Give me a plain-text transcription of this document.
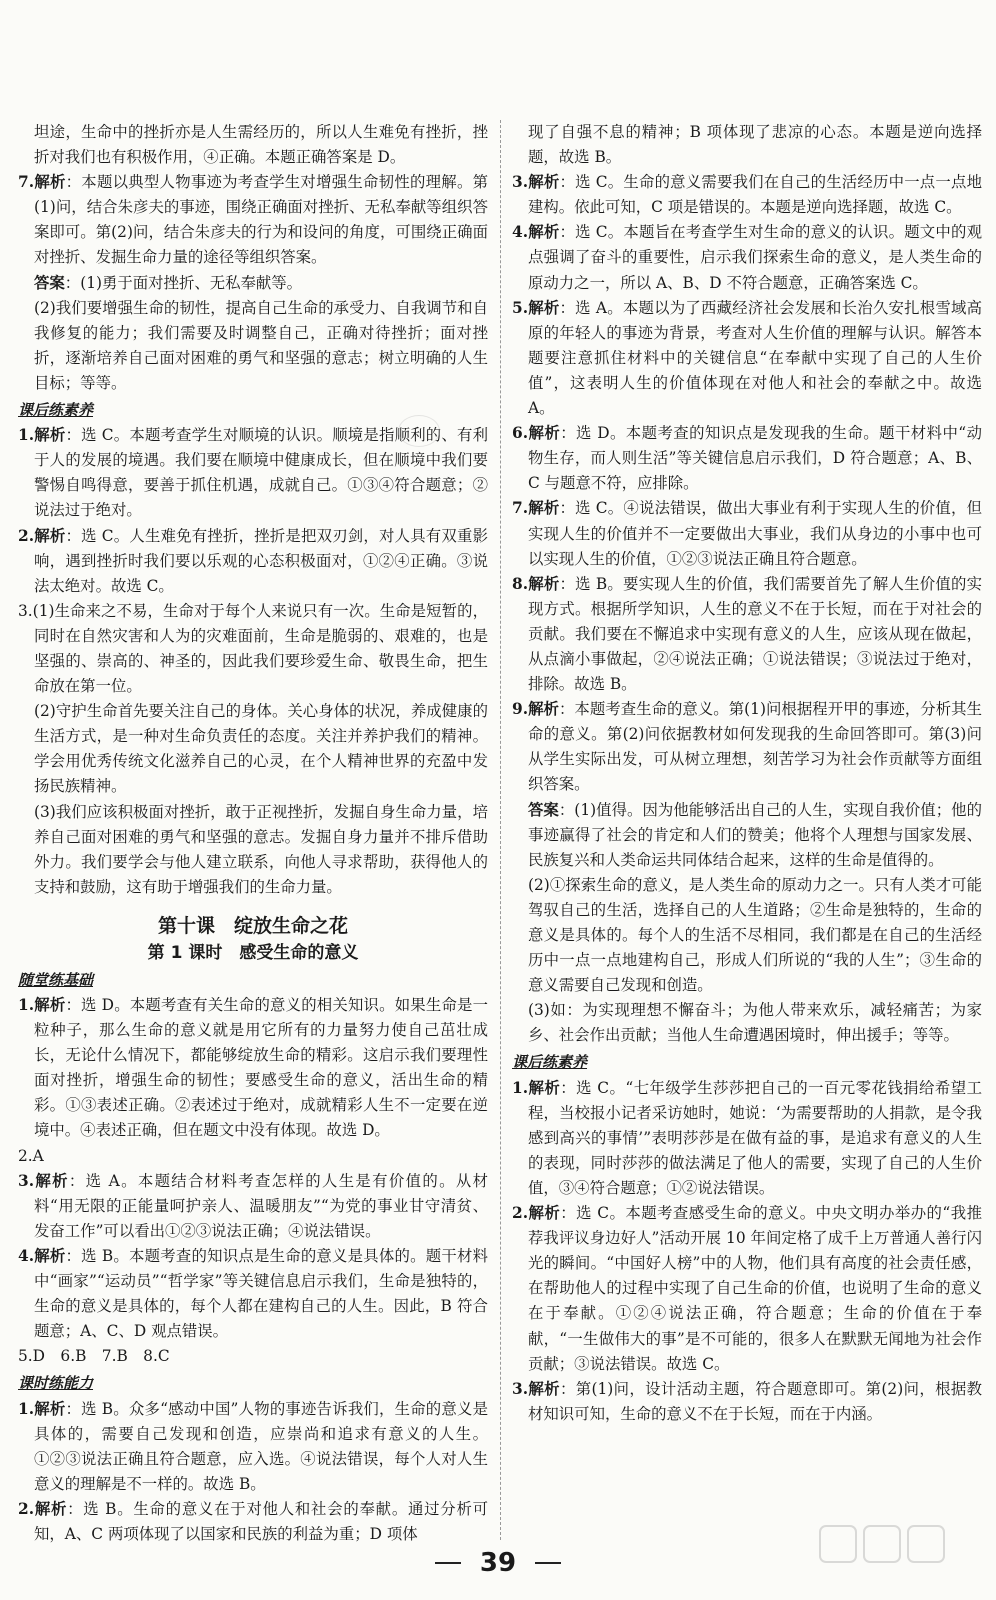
坦途，生命中的挫折亦是人生需经历的，所以人生难免有挫折，挫折对我们也有积极作用，④正确。本题正确答案是 D。

7.解析：本题以典型人物事迹为考查学生对增强生命韧性的理解。第(1)问，结合朱彦夫的事迹，围绕正确面对挫折、无私奉献等组织答案即可。第(2)问，结合朱彦夫的行为和设问的角度，可围绕正确面对挫折、发掘生命力量的途径等组织答案。

答案：(1)勇于面对挫折、无私奉献等。

(2)我们要增强生命的韧性，提高自己生命的承受力、自我调节和自我修复的能力；我们需要及时调整自己，正确对待挫折；面对挫折，逐渐培养自己面对困难的勇气和坚强的意志；树立明确的人生目标；等等。

课后练素养

1.解析：选 C。本题考查学生对顺境的认识。顺境是指顺利的、有利于人的发展的境遇。我们要在顺境中健康成长，但在顺境中我们要警惕自鸣得意，要善于抓住机遇，成就自己。①③④符合题意；②说法过于绝对。

2.解析：选 C。人生难免有挫折，挫折是把双刃剑，对人具有双重影响，遇到挫折时我们要以乐观的心态积极面对，①②④正确。③说法太绝对。故选 C。

3.(1)生命来之不易，生命对于每个人来说只有一次。生命是短暂的，同时在自然灾害和人为的灾难面前，生命是脆弱的、艰难的，也是坚强的、崇高的、神圣的，因此我们要珍爱生命、敬畏生命，把生命放在第一位。

(2)守护生命首先要关注自己的身体。关心身体的状况，养成健康的生活方式，是一种对生命负责任的态度。关注并养护我们的精神。学会用优秀传统文化滋养自己的心灵，在个人精神世界的充盈中发扬民族精神。

(3)我们应该积极面对挫折，敢于正视挫折，发掘自身生命力量，培养自己面对困难的勇气和坚强的意志。发掘自身力量并不排斥借助外力。我们要学会与他人建立联系，向他人寻求帮助，获得他人的支持和鼓励，这有助于增强我们的生命力量。

第十课　绽放生命之花

第 1 课时　感受生命的意义

随堂练基础

1.解析：选 D。本题考查有关生命的意义的相关知识。如果生命是一粒种子，那么生命的意义就是用它所有的力量努力使自己茁壮成长，无论什么情况下，都能够绽放生命的精彩。这启示我们要理性面对挫折，增强生命的韧性；要感受生命的意义，活出生命的精彩。①③表述正确。②表述过于绝对，成就精彩人生不一定要在逆境中。④表述正确，但在题文中没有体现。故选 D。

2.A

3.解析：选 A。本题结合材料考查怎样的人生是有价值的。从材料“用无限的正能量呵护亲人、温暖朋友”“为党的事业甘守清贫、发奋工作”可以看出①②③说法正确；④说法错误。

4.解析：选 B。本题考查的知识点是生命的意义是具体的。题干材料中“画家”“运动员”“哲学家”等关键信息启示我们，生命是独特的，生命的意义是具体的，每个人都在建构自己的人生。因此，B 符合题意；A、C、D 观点错误。

5.D　6.B　7.B　8.C

课时练能力

1.解析：选 B。众多“感动中国”人物的事迹告诉我们，生命的意义是具体的，需要自己发现和创造，应崇尚和追求有意义的人生。①②③说法正确且符合题意，应入选。④说法错误，每个人对人生意义的理解是不一样的。故选 B。

2.解析：选 B。生命的意义在于对他人和社会的奉献。通过分析可知，A、C 两项体现了以国家和民族的利益为重；D 项体

现了自强不息的精神；B 项体现了悲凉的心态。本题是逆向选择题，故选 B。

3.解析：选 C。生命的意义需要我们在自己的生活经历中一点一点地建构。依此可知，C 项是错误的。本题是逆向选择题，故选 C。

4.解析：选 C。本题旨在考查学生对生命的意义的认识。题文中的观点强调了奋斗的重要性，启示我们探索生命的意义，是人类生命的原动力之一，所以 A、B、D 不符合题意，正确答案选 C。

5.解析：选 A。本题以为了西藏经济社会发展和长治久安扎根雪域高原的年轻人的事迹为背景，考查对人生价值的理解与认识。解答本题要注意抓住材料中的关键信息“在奉献中实现了自己的人生价值”，这表明人生的价值体现在对他人和社会的奉献之中。故选 A。

6.解析：选 D。本题考查的知识点是发现我的生命。题干材料中“动物生存，而人则生活”等关键信息启示我们，D 符合题意；A、B、C 与题意不符，应排除。

7.解析：选 C。④说法错误，做出大事业有利于实现人生的价值，但实现人生的价值并不一定要做出大事业，我们从身边的小事中也可以实现人生的价值，①②③说法正确且符合题意。

8.解析：选 B。要实现人生的价值，我们需要首先了解人生价值的实现方式。根据所学知识，人生的意义不在于长短，而在于对社会的贡献。我们要在不懈追求中实现有意义的人生，应该从现在做起，从点滴小事做起，②④说法正确；①说法错误；③说法过于绝对，排除。故选 B。

9.解析：本题考查生命的意义。第(1)问根据程开甲的事迹，分析其生命的意义。第(2)问依据教材如何发现我的生命回答即可。第(3)问从学生实际出发，可从树立理想，刻苦学习为社会作贡献等方面组织答案。

答案：(1)值得。因为他能够活出自己的人生，实现自我价值；他的事迹赢得了社会的肯定和人们的赞美；他将个人理想与国家发展、民族复兴和人类命运共同体结合起来，这样的生命是值得的。

(2)①探索生命的意义，是人类生命的原动力之一。只有人类才可能驾驭自己的生活，选择自己的人生道路；②生命是独特的，生命的意义是具体的。每个人的生活不尽相同，我们都是在自己的生活经历中一点一点地建构自己，形成人们所说的“我的人生”；③生命的意义需要自己发现和创造。

(3)如：为实现理想不懈奋斗；为他人带来欢乐，减轻痛苦；为家乡、社会作出贡献；当他人生命遭遇困境时，伸出援手；等等。

课后练素养

1.解析：选 C。“七年级学生莎莎把自己的一百元零花钱捐给希望工程，当校报小记者采访她时，她说：‘为需要帮助的人捐款，是令我感到高兴的事情’”表明莎莎是在做有益的事，是追求有意义的人生的表现，同时莎莎的做法满足了他人的需要，实现了自己的人生价值，③④符合题意；①②说法错误。

2.解析：选 C。本题考查感受生命的意义。中央文明办举办的“我推荐我评议身边好人”活动开展 10 年间定格了成千上万普通人善行闪光的瞬间。“中国好人榜”中的人物，他们具有高度的社会责任感，在帮助他人的过程中实现了自己生命的价值，也说明了生命的意义在于奉献。①②④说法正确，符合题意；生命的价值在于奉献，“一生做伟大的事”是不可能的，很多人在默默无闻地为社会作贡献；③说法错误。故选 C。

3.解析：第(1)问，设计活动主题，符合题意即可。第(2)问，根据教材知识可知，生命的意义不在于长短，而在于内涵。

39
